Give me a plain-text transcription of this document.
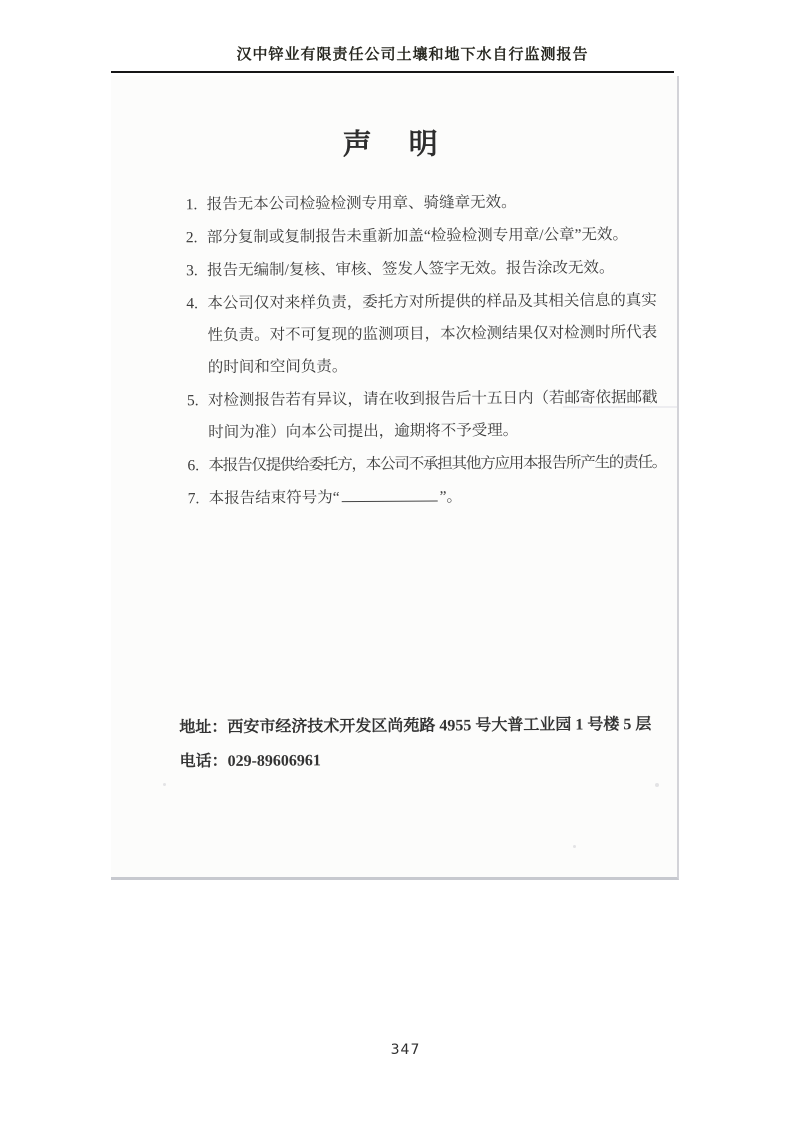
汉中锌业有限责任公司土壤和地下水自行监测报告
声　明
1. 报告无本公司检验检测专用章、骑缝章无效。
2. 部分复制或复制报告未重新加盖“检验检测专用章/公章”无效。
3. 报告无编制/复核、审核、签发人签字无效。报告涂改无效。
4. 本公司仅对来样负责，委托方对所提供的样品及其相关信息的真实
性负责。对不可复现的监测项目，本次检测结果仅对检测时所代表
的时间和空间负责。
5. 对检测报告若有异议，请在收到报告后十五日内（若邮寄依据邮戳
时间为准）向本公司提出，逾期将不予受理。
6. 本报告仅提供给委托方，本公司不承担其他方应用本报告所产生的责任。
7. 本报告结束符号为“	”。
地址：西安市经济技术开发区尚苑路 4955 号大普工业园 1 号楼 5 层
电话：029-89606961
347
